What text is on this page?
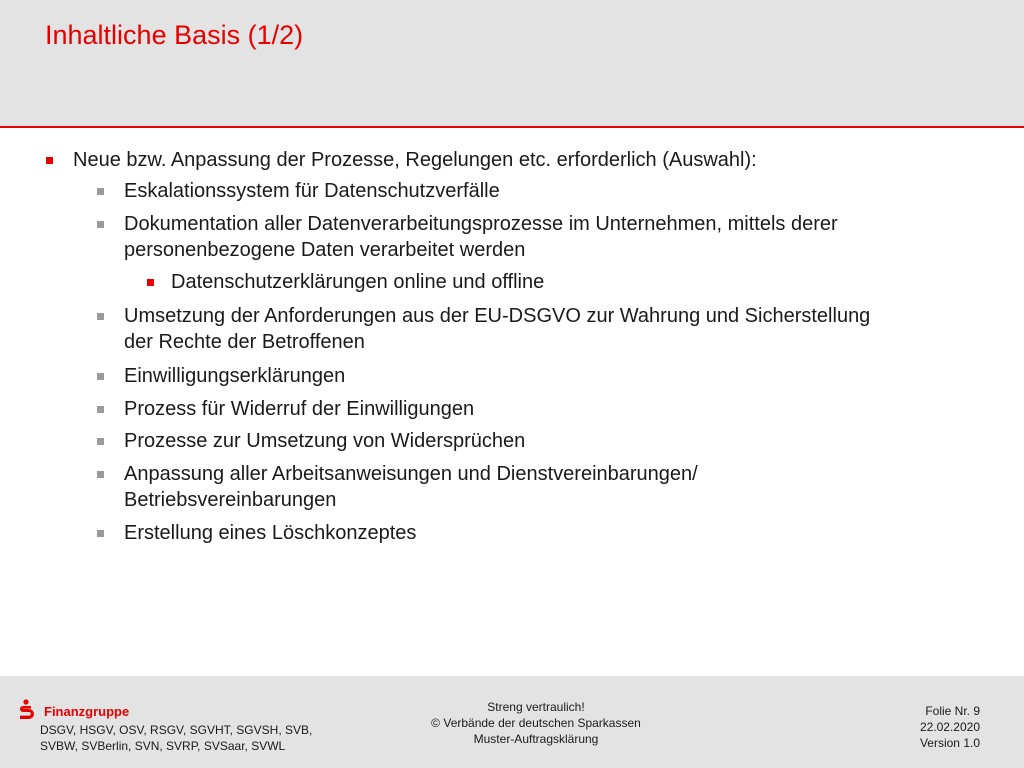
Inhaltliche Basis (1/2)
Neue bzw. Anpassung der Prozesse, Regelungen etc. erforderlich (Auswahl):
Eskalationssystem für Datenschutzverfälle
Dokumentation aller Datenverarbeitungsprozesse im Unternehmen, mittels derer
personenbezogene Daten verarbeitet werden
Datenschutzerklärungen online und offline
Umsetzung der Anforderungen aus der EU-DSGVO zur Wahrung und Sicherstellung
der Rechte der Betroffenen
Einwilligungserklärungen
Prozess für Widerruf der Einwilligungen
Prozesse zur Umsetzung von Widersprüchen
Anpassung aller Arbeitsanweisungen und Dienstvereinbarungen/
Betriebsvereinbarungen
Erstellung eines Löschkonzeptes
Finanzgruppe
DSGV, HSGV, OSV, RSGV, SGVHT, SGVSH, SVB,
SVBW, SVBerlin, SVN, SVRP, SVSaar, SVWL
Streng vertraulich!
© Verbände der deutschen Sparkassen
Muster-Auftragsklärung
Folie Nr. 9
22.02.2020
Version 1.0
